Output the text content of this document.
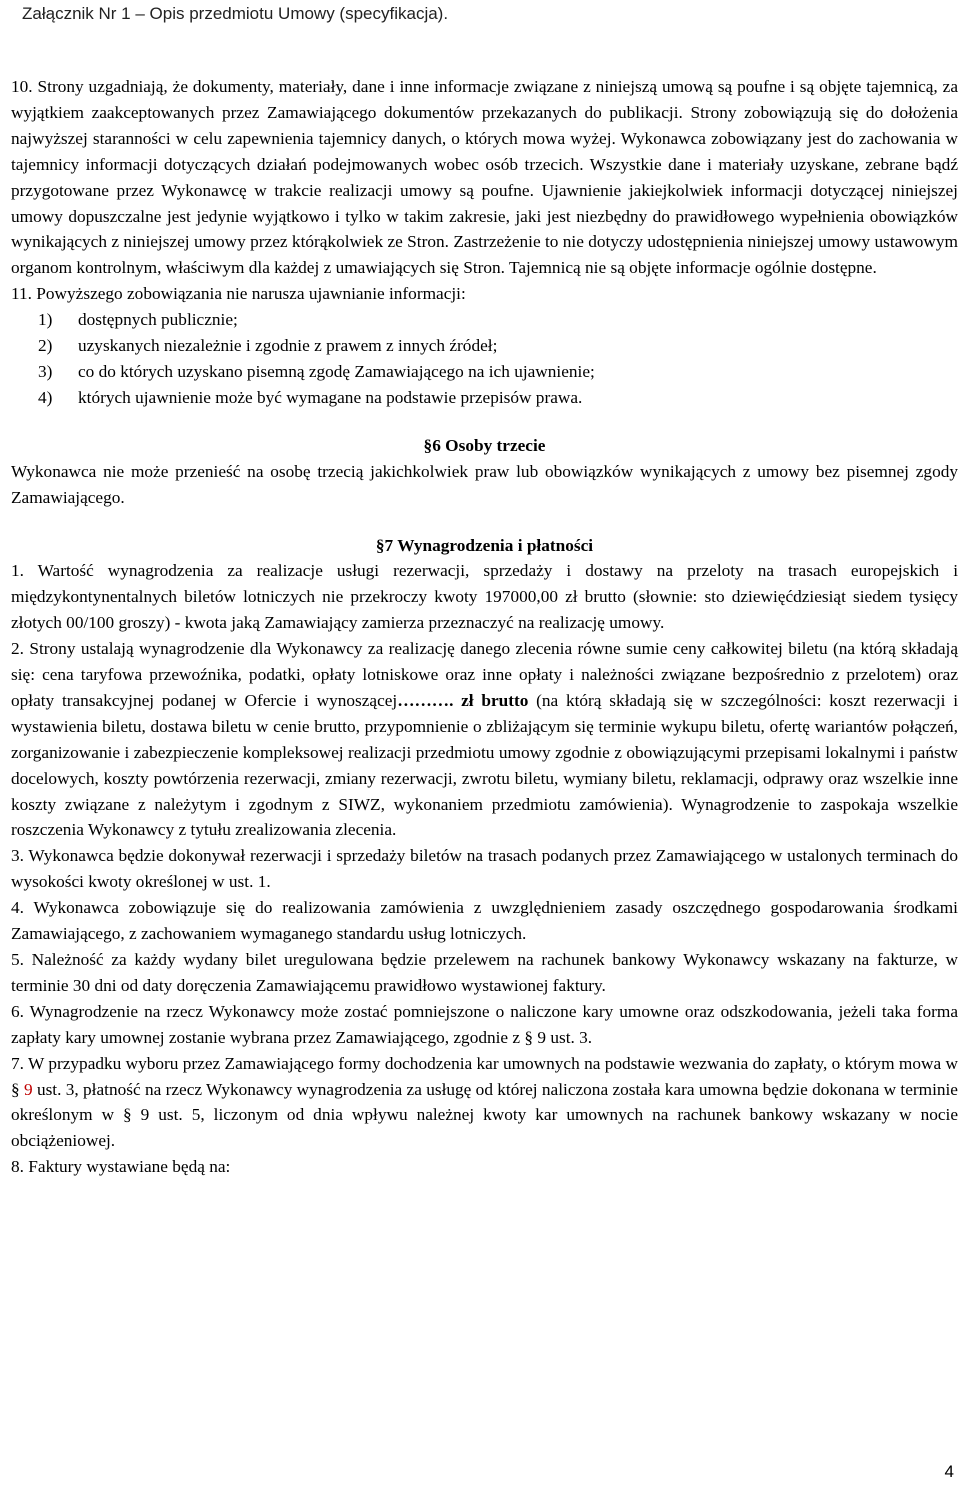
Załącznik Nr 1 – Opis przedmiotu Umowy (specyfikacja).

10. Strony uzgadniają, że dokumenty, materiały, dane i inne informacje związane z niniejszą umową są poufne i są objęte tajemnicą, za wyjątkiem zaakceptowanych przez Zamawiającego dokumentów przekazanych do publikacji. Strony zobowiązują się do dołożenia najwyższej staranności w celu zapewnienia tajemnicy danych, o których mowa wyżej. Wykonawca zobowiązany jest do zachowania w tajemnicy informacji dotyczących działań podejmowanych wobec osób trzecich. Wszystkie dane i materiały uzyskane, zebrane bądź przygotowane przez Wykonawcę w trakcie realizacji umowy są poufne. Ujawnienie jakiejkolwiek informacji dotyczącej niniejszej umowy dopuszczalne jest jedynie wyjątkowo i tylko w takim zakresie, jaki jest niezbędny do prawidłowego wypełnienia obowiązków wynikających z niniejszej umowy przez którąkolwiek ze Stron. Zastrzeżenie to nie dotyczy udostępnienia niniejszej umowy ustawowym organom kontrolnym, właściwym dla każdej z umawiających się Stron. Tajemnicą nie są objęte informacje ogólnie dostępne.

11. Powyższego zobowiązania nie narusza ujawnianie informacji:

1) dostępnych publicznie;
2) uzyskanych niezależnie i zgodnie z prawem z innych źródeł;
3) co do których uzyskano pisemną zgodę Zamawiającego na ich ujawnienie;
4) których ujawnienie może być wymagane na podstawie przepisów prawa.

§6 Osoby trzecie

Wykonawca nie może przenieść na osobę trzecią jakichkolwiek praw lub obowiązków wynikających z umowy bez pisemnej zgody Zamawiającego.

§7 Wynagrodzenia i płatności

1. Wartość wynagrodzenia za realizacje usługi rezerwacji, sprzedaży i dostawy na przeloty na trasach europejskich i międzykontynentalnych biletów lotniczych nie przekroczy kwoty 197000,00 zł brutto (słownie: sto dziewięćdziesiąt siedem tysięcy złotych 00/100 groszy) - kwota jaką Zamawiający zamierza przeznaczyć na realizację umowy.

2. Strony ustalają wynagrodzenie dla Wykonawcy za realizację danego zlecenia równe sumie ceny całkowitej biletu (na którą składają się: cena taryfowa przewoźnika, podatki, opłaty lotniskowe oraz inne opłaty i należności związane bezpośrednio z przelotem) oraz opłaty transakcyjnej podanej w Ofercie i wynoszącej………. zł brutto (na którą składają się w szczególności: koszt rezerwacji i wystawienia biletu, dostawa biletu w cenie brutto, przypomnienie o zbliżającym się terminie wykupu biletu, ofertę wariantów połączeń, zorganizowanie i zabezpieczenie kompleksowej realizacji przedmiotu umowy zgodnie z obowiązującymi przepisami lokalnymi i państw docelowych, koszty powtórzenia rezerwacji, zmiany rezerwacji, zwrotu biletu, wymiany biletu, reklamacji, odprawy oraz wszelkie inne koszty związane z należytym i zgodnym z SIWZ, wykonaniem przedmiotu zamówienia). Wynagrodzenie to zaspokaja wszelkie roszczenia Wykonawcy z tytułu zrealizowania zlecenia.

3. Wykonawca będzie dokonywał rezerwacji i sprzedaży biletów na trasach podanych przez Zamawiającego w ustalonych terminach do wysokości kwoty określonej w ust. 1.

4. Wykonawca zobowiązuje się do realizowania zamówienia z uwzględnieniem zasady oszczędnego gospodarowania środkami Zamawiającego, z zachowaniem wymaganego standardu usług lotniczych.

5. Należność za każdy wydany bilet uregulowana będzie przelewem na rachunek bankowy Wykonawcy wskazany na fakturze, w terminie 30 dni od daty doręczenia Zamawiającemu prawidłowo wystawionej faktury.

6. Wynagrodzenie na rzecz Wykonawcy może zostać pomniejszone o naliczone kary umowne oraz odszkodowania, jeżeli taka forma zapłaty kary umownej zostanie wybrana przez Zamawiającego, zgodnie z § 9 ust. 3.

7. W przypadku wyboru przez Zamawiającego formy dochodzenia kar umownych na podstawie wezwania do zapłaty, o którym mowa w § 9 ust. 3, płatność na rzecz Wykonawcy wynagrodzenia za usługę od której naliczona została kara umowna będzie dokonana w terminie określonym w § 9 ust. 5, liczonym od dnia wpływu należnej kwoty kar umownych na rachunek bankowy wskazany w nocie obciążeniowej.

8. Faktury wystawiane będą na:

4
